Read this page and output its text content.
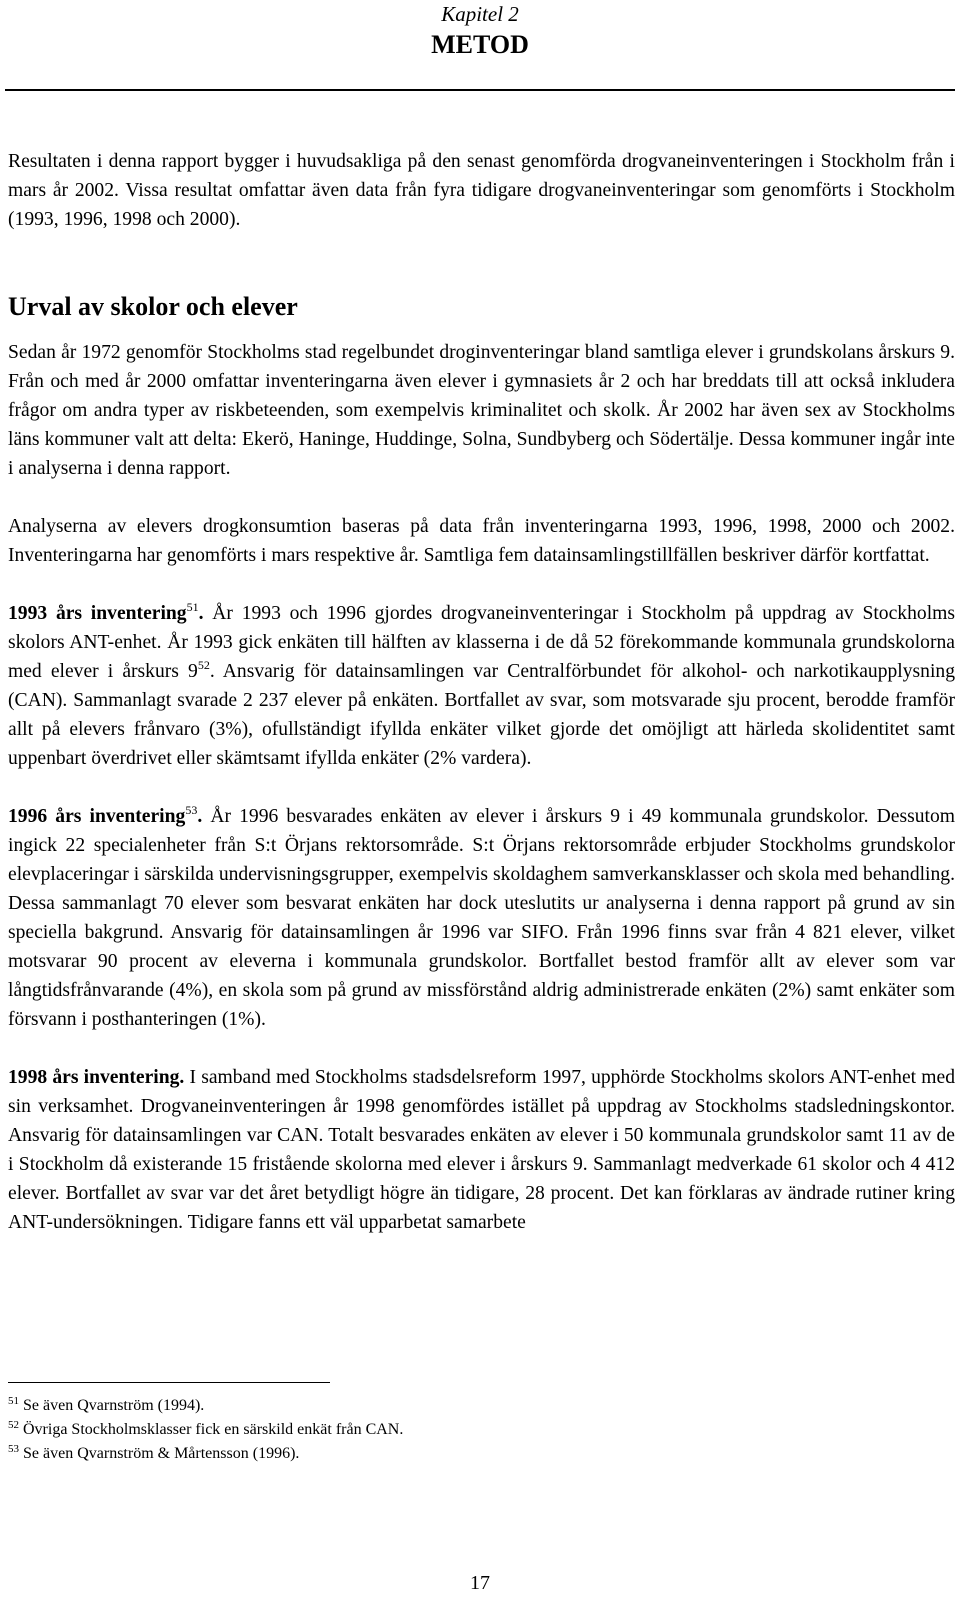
Kapitel 2
METOD

Resultaten i denna rapport bygger i huvudsakliga på den senast genomförda drogvaneinventeringen i Stockholm från i mars år 2002. Vissa resultat omfattar även data från fyra tidigare drogvaneinventeringar som genomförts i Stockholm (1993, 1996, 1998 och 2000).

Urval av skolor och elever

Sedan år 1972 genomför Stockholms stad regelbundet droginventeringar bland samtliga elever i grundskolans årskurs 9. Från och med år 2000 omfattar inventeringarna även elever i gymnasiets år 2 och har breddats till att också inkludera frågor om andra typer av riskbeteenden, som exempelvis kriminalitet och skolk. År 2002 har även sex av Stockholms läns kommuner valt att delta: Ekerö, Haninge, Huddinge, Solna, Sundbyberg och Södertälje. Dessa kommuner ingår inte i analyserna i denna rapport.

Analyserna av elevers drogkonsumtion baseras på data från inventeringarna 1993, 1996, 1998, 2000 och 2002. Inventeringarna har genomförts i mars respektive år. Samtliga fem datainsamlingstillfällen beskriver därför kortfattat.

1993 års inventering$^{51}$. År 1993 och 1996 gjordes drogvaneinventeringar i Stockholm på uppdrag av Stockholms skolors ANT-enhet. År 1993 gick enkäten till hälften av klasserna i de då 52 förekommande kommunala grundskolorna med elever i årskurs $9^{52}$. Ansvarig för datainsamlingen var Centralförbundet för alkohol- och narkotikaupplysning (CAN). Sammanlagt svarade 2 237 elever på enkäten. Bortfallet av svar, som motsvarade sju procent, berodde framför allt på elevers frånvaro (3%), ofullständigt ifyllda enkäter vilket gjorde det omöjligt att härleda skolidentitet samt uppenbart överdrivet eller skämtsamt ifyllda enkäter (2% vardera).

1996 års inventering$^{53}$. År 1996 besvarades enkäten av elever i årskurs 9 i 49 kommunala grundskolor. Dessutom ingick 22 specialenheter från S:t Örjans rektorsområde. S:t Örjans rektorsområde erbjuder Stockholms grundskolor elevplaceringar i särskilda undervisningsgrupper, exempelvis skoldaghem samverkansklasser och skola med behandling. Dessa sammanlagt 70 elever som besvarat enkäten har dock uteslutits ur analyserna i denna rapport på grund av sin speciella bakgrund. Ansvarig för datainsamlingen år 1996 var SIFO. Från 1996 finns svar från 4 821 elever, vilket motsvarar 90 procent av eleverna i kommunala grundskolor. Bortfallet bestod framför allt av elever som var långtidsfrånvarande (4%), en skola som på grund av missförstånd aldrig administrerade enkäten (2%) samt enkäter som försvann i posthanteringen (1%).

1998 års inventering. I samband med Stockholms stadsdelsreform 1997, upphörde Stockholms skolors ANT-enhet med sin verksamhet. Drogvaneinventeringen år 1998 genomfördes istället på uppdrag av Stockholms stadsledningskontor. Ansvarig för datainsamlingen var CAN. Totalt besvarades enkäten av elever i 50 kommunala grundskolor samt 11 av de i Stockholm då existerande 15 fristående skolorna med elever i årskurs 9. Sammanlagt medverkade 61 skolor och 4 412 elever. Bortfallet av svar var det året betydligt högre än tidigare, 28 procent. Det kan förklaras av ändrade rutiner kring ANT-undersökningen. Tidigare fanns ett väl upparbetat samarbete

$^{51}$ Se även Qvarnström (1994).
$^{52}$ Övriga Stockholmsklasser fick en särskild enkät från CAN.
$^{53}$ Se även Qvarnström & Mårtensson (1996).
17
